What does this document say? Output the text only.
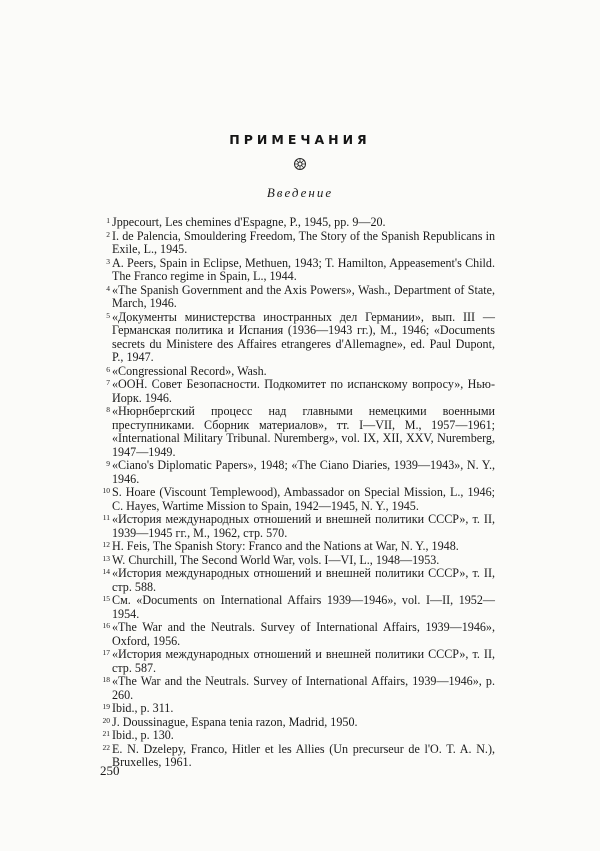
ПРИМЕЧАНИЯ
Введение
1 Jppecourt, Les chemines d'Espagne, P., 1945, pp. 9—20.
2 I. de Palencia, Smouldering Freedom, The Story of the Spanish Republicans in Exile, L., 1945.
3 A. Peers, Spain in Eclipse, Methuen, 1943; T. Hamilton, Appeasement's Child. The Franco regime in Spain, L., 1944.
4 «The Spanish Government and the Axis Powers», Wash., Department of State, March, 1946.
5 «Документы министерства иностранных дел Германии», вып. III — Германская политика и Испания (1936—1943 гг.), М., 1946; «Documents secrets du Ministere des Affaires etrangeres d'Allemagne», ed. Paul Dupont, P., 1947.
6 «Congressional Record», Wash.
7 «ООН. Совет Безопасности. Подкомитет по испанскому вопросу», Нью-Иорк. 1946.
8 «Нюрнбергский процесс над главными немецкими военными преступниками. Сборник материалов», тт. I—VII, М., 1957—1961; «International Military Tribunal. Nuremberg», vol. IX, XII, XXV, Nuremberg, 1947—1949.
9 «Ciano's Diplomatic Papers», 1948; «The Ciano Diaries, 1939—1943», N. Y., 1946.
10 S. Hoare (Viscount Templewood), Ambassador on Special Mission, L., 1946; C. Hayes, Wartime Mission to Spain, 1942—1945, N. Y., 1945.
11 «История международных отношений и внешней политики СССР», т. II, 1939—1945 гг., М., 1962, стр. 570.
12 H. Feis, The Spanish Story: Franco and the Nations at War, N. Y., 1948.
13 W. Churchill, The Second World War, vols. I—VI, L., 1948—1953.
14 «История международных отношений и внешней политики СССР», т. II, стр. 588.
15 См. «Documents on International Affairs 1939—1946», vol. I—II, 1952—1954.
16 «The War and the Neutrals. Survey of International Affairs, 1939—1946», Oxford, 1956.
17 «История международных отношений и внешней политики СССР», т. II, стр. 587.
18 «The War and the Neutrals. Survey of International Affairs, 1939—1946», p. 260.
19 Ibid., p. 311.
20 J. Doussinague, Espana tenia razon, Madrid, 1950.
21 Ibid., p. 130.
22 E. N. Dzelepy, Franco, Hitler et les Allies (Un precurseur de l'O. T. A. N.), Bruxelles, 1961.
250
